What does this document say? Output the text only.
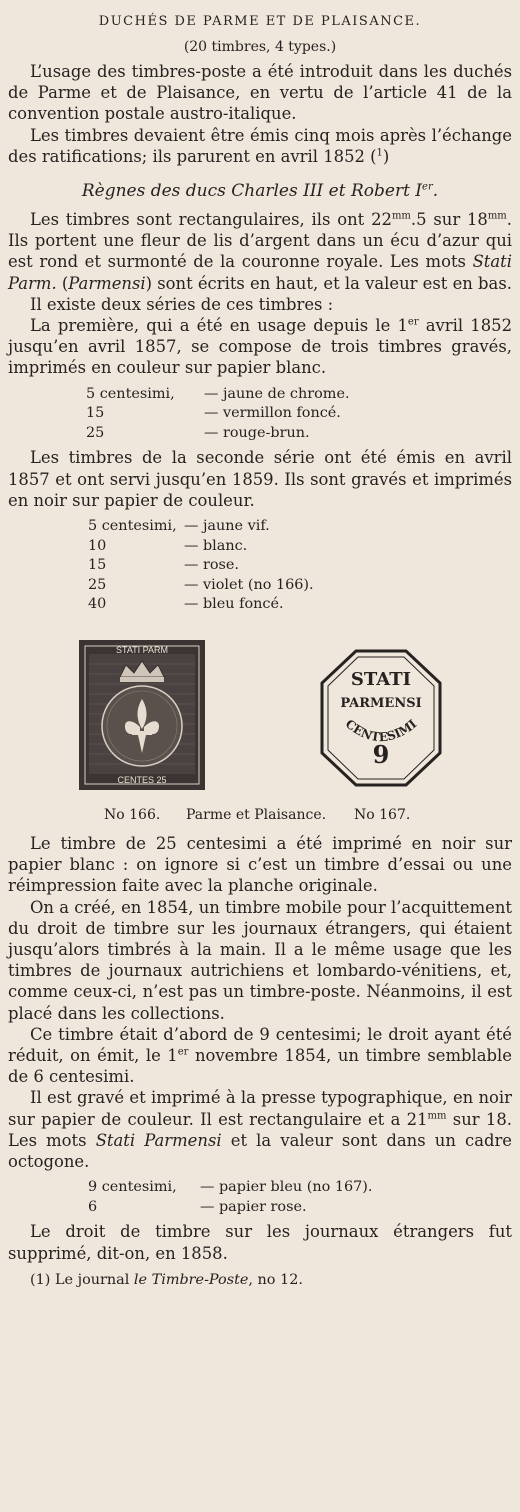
DUCHÉS DE PARME ET DE PLAISANCE.
(20 timbres, 4 types.)

L’usage des timbres-poste a été introduit dans les duchés de Parme et de Plaisance, en vertu de l’article 41 de la convention postale austro-italique.

Les timbres devaient être émis cinq mois après l’échange des ratifications; ils parurent en avril 1852 ($^1$)

Règnes des ducs Charles III et Robert Ier.

Les timbres sont rectangulaires, ils ont $22^{mm}.5$ sur $18^{mm}$. Ils portent une fleur de lis d’argent dans un écu d’azur qui est rond et surmonté de la couronne royale. Les mots Stati Parm. (Parmensi) sont écrits en haut, et la valeur est en bas.

Il existe deux séries de ces timbres :

La première, qui a été en usage depuis le 1er avril 1852 jusqu’en avril 1857, se compose de trois timbres gravés, imprimés en couleur sur papier blanc.

5 centesimi, — jaune de chrome.
15	— vermillon foncé.
25	— rouge-brun.

Les timbres de la seconde série ont été émis en avril 1857 et ont servi jusqu’en 1859. Ils sont gravés et imprimés en noir sur papier de couleur.

5 centesimi, — jaune vif.
10	— blanc.
15	— rose.
25	— violet (no 166).
40	— bleu foncé.
STATI PARM
CENTES 25
STATI
PARMENSI
CENTESIMI
9
No 166. Parme et Plaisance. No 167.

Le timbre de 25 centesimi a été imprimé en noir sur papier blanc : on ignore si c’est un timbre d’essai ou une réimpression faite avec la planche originale.

On a créé, en 1854, un timbre mobile pour l’acquittement du droit de timbre sur les journaux étrangers, qui étaient jusqu’alors timbrés à la main. Il a le même usage que les timbres de journaux autrichiens et lombardo-vénitiens, et, comme ceux-ci, n’est pas un timbre-poste. Néanmoins, il est placé dans les collections.

Ce timbre était d’abord de 9 centesimi; le droit ayant été réduit, on émit, le 1er novembre 1854, un timbre semblable de 6 centesimi.

Il est gravé et imprimé à la presse typographique, en noir sur papier de couleur. Il est rectangulaire et a $21^{mm}$ sur 18. Les mots Stati Parmensi et la valeur sont dans un cadre octogone.

9 centesimi, — papier bleu (no 167).
6	— papier rose.

Le droit de timbre sur les journaux étrangers fut supprimé, dit-on, en 1858.

(1) Le journal le Timbre-Poste, no 12.
